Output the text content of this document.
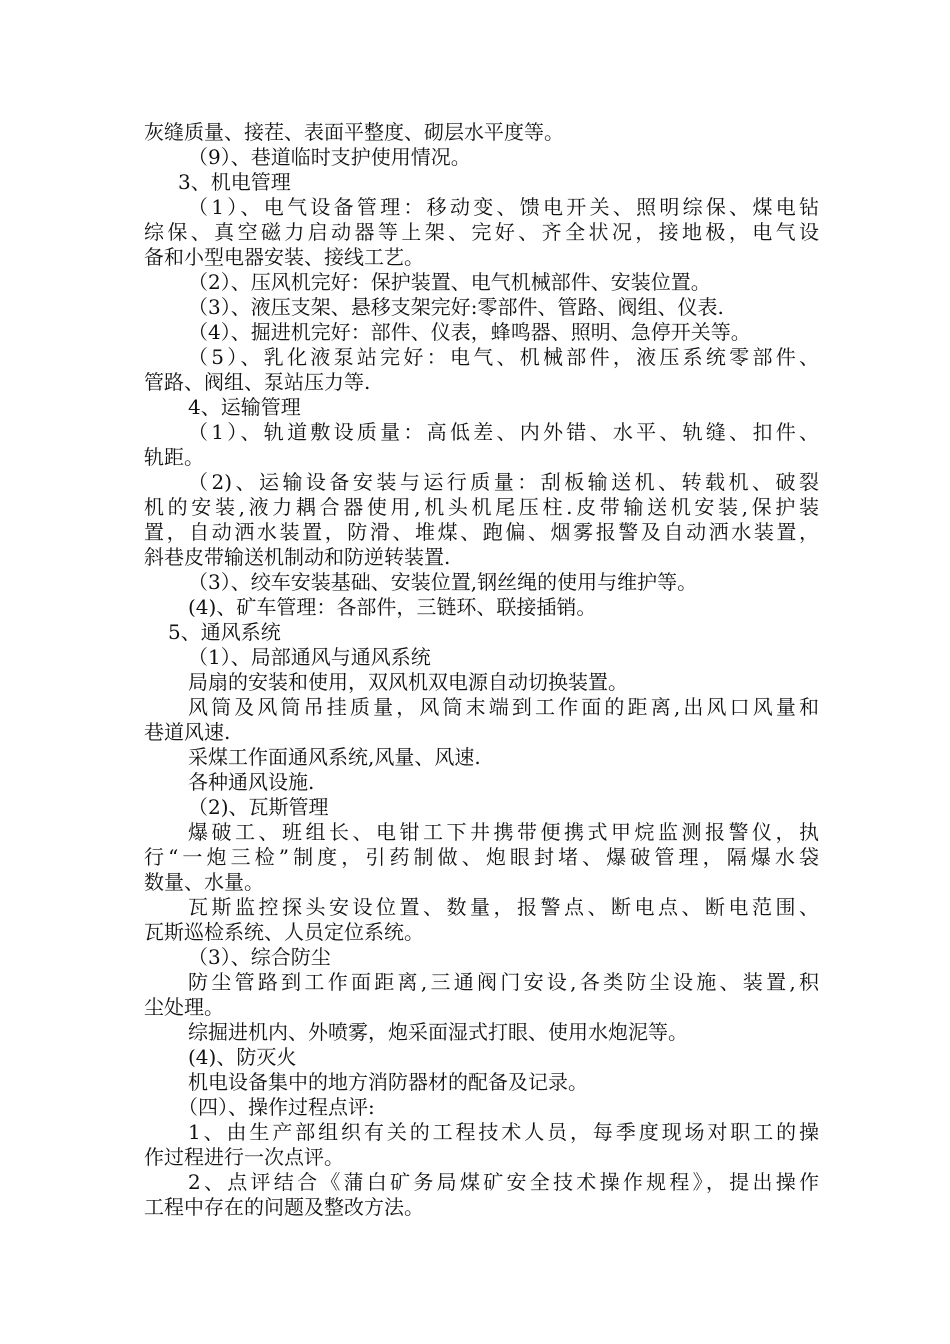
灰缝质量、接茬、表面平整度、砌层水平度等。
（9）、巷道临时支护使用情况。
3、机电管理
（1）、电气设备管理：移动变、馈电开关、照明综保、煤电钻
综保、真空磁力启动器等上架、完好、齐全状况，接地极，电气设
备和小型电器安装、接线工艺。
（2）、压风机完好：保护装置、电气机械部件、安装位置。
（3）、液压支架、悬移支架完好:零部件、管路、阀组、仪表.
（4）、掘进机完好：部件、仪表，蜂鸣器、照明、急停开关等。
（5）、乳化液泵站完好：电气、机械部件，液压系统零部件、
管路、阀组、泵站压力等.
4、运输管理
（1）、轨道敷设质量：高低差、内外错、水平、轨缝、扣件、
轨距。
（2)、运输设备安装与运行质量：刮板输送机、转载机、破裂
机的安装,液力耦合器使用,机头机尾压柱.皮带输送机安装,保护装
置，自动洒水装置，防滑、堆煤、跑偏、烟雾报警及自动洒水装置，
斜巷皮带输送机制动和防逆转装置.
（3）、绞车安装基础、安装位置,钢丝绳的使用与维护等。
(4)、矿车管理：各部件，三链环、联接插销。
5、通风系统
（1）、局部通风与通风系统
局扇的安装和使用，双风机双电源自动切换装置。
风筒及风筒吊挂质量，风筒末端到工作面的距离,出风口风量和
巷道风速.
采煤工作面通风系统,风量、风速.
各种通风设施.
（2)、瓦斯管理
爆破工、班组长、电钳工下井携带便携式甲烷监测报警仪，执
行“一炮三检”制度，引药制做、炮眼封堵、爆破管理，隔爆水袋
数量、水量。
瓦斯监控探头安设位置、数量，报警点、断电点、断电范围、
瓦斯巡检系统、人员定位系统。
（3）、综合防尘
防尘管路到工作面距离,三通阀门安设,各类防尘设施、装置,积
尘处理。
综掘进机内、外喷雾，炮采面湿式打眼、使用水炮泥等。
(4)、防灭火
机电设备集中的地方消防器材的配备及记录。
（四）、操作过程点评:
1、由生产部组织有关的工程技术人员，每季度现场对职工的操
作过程进行一次点评。
2、点评结合《蒲白矿务局煤矿安全技术操作规程》，提出操作
工程中存在的问题及整改方法。
